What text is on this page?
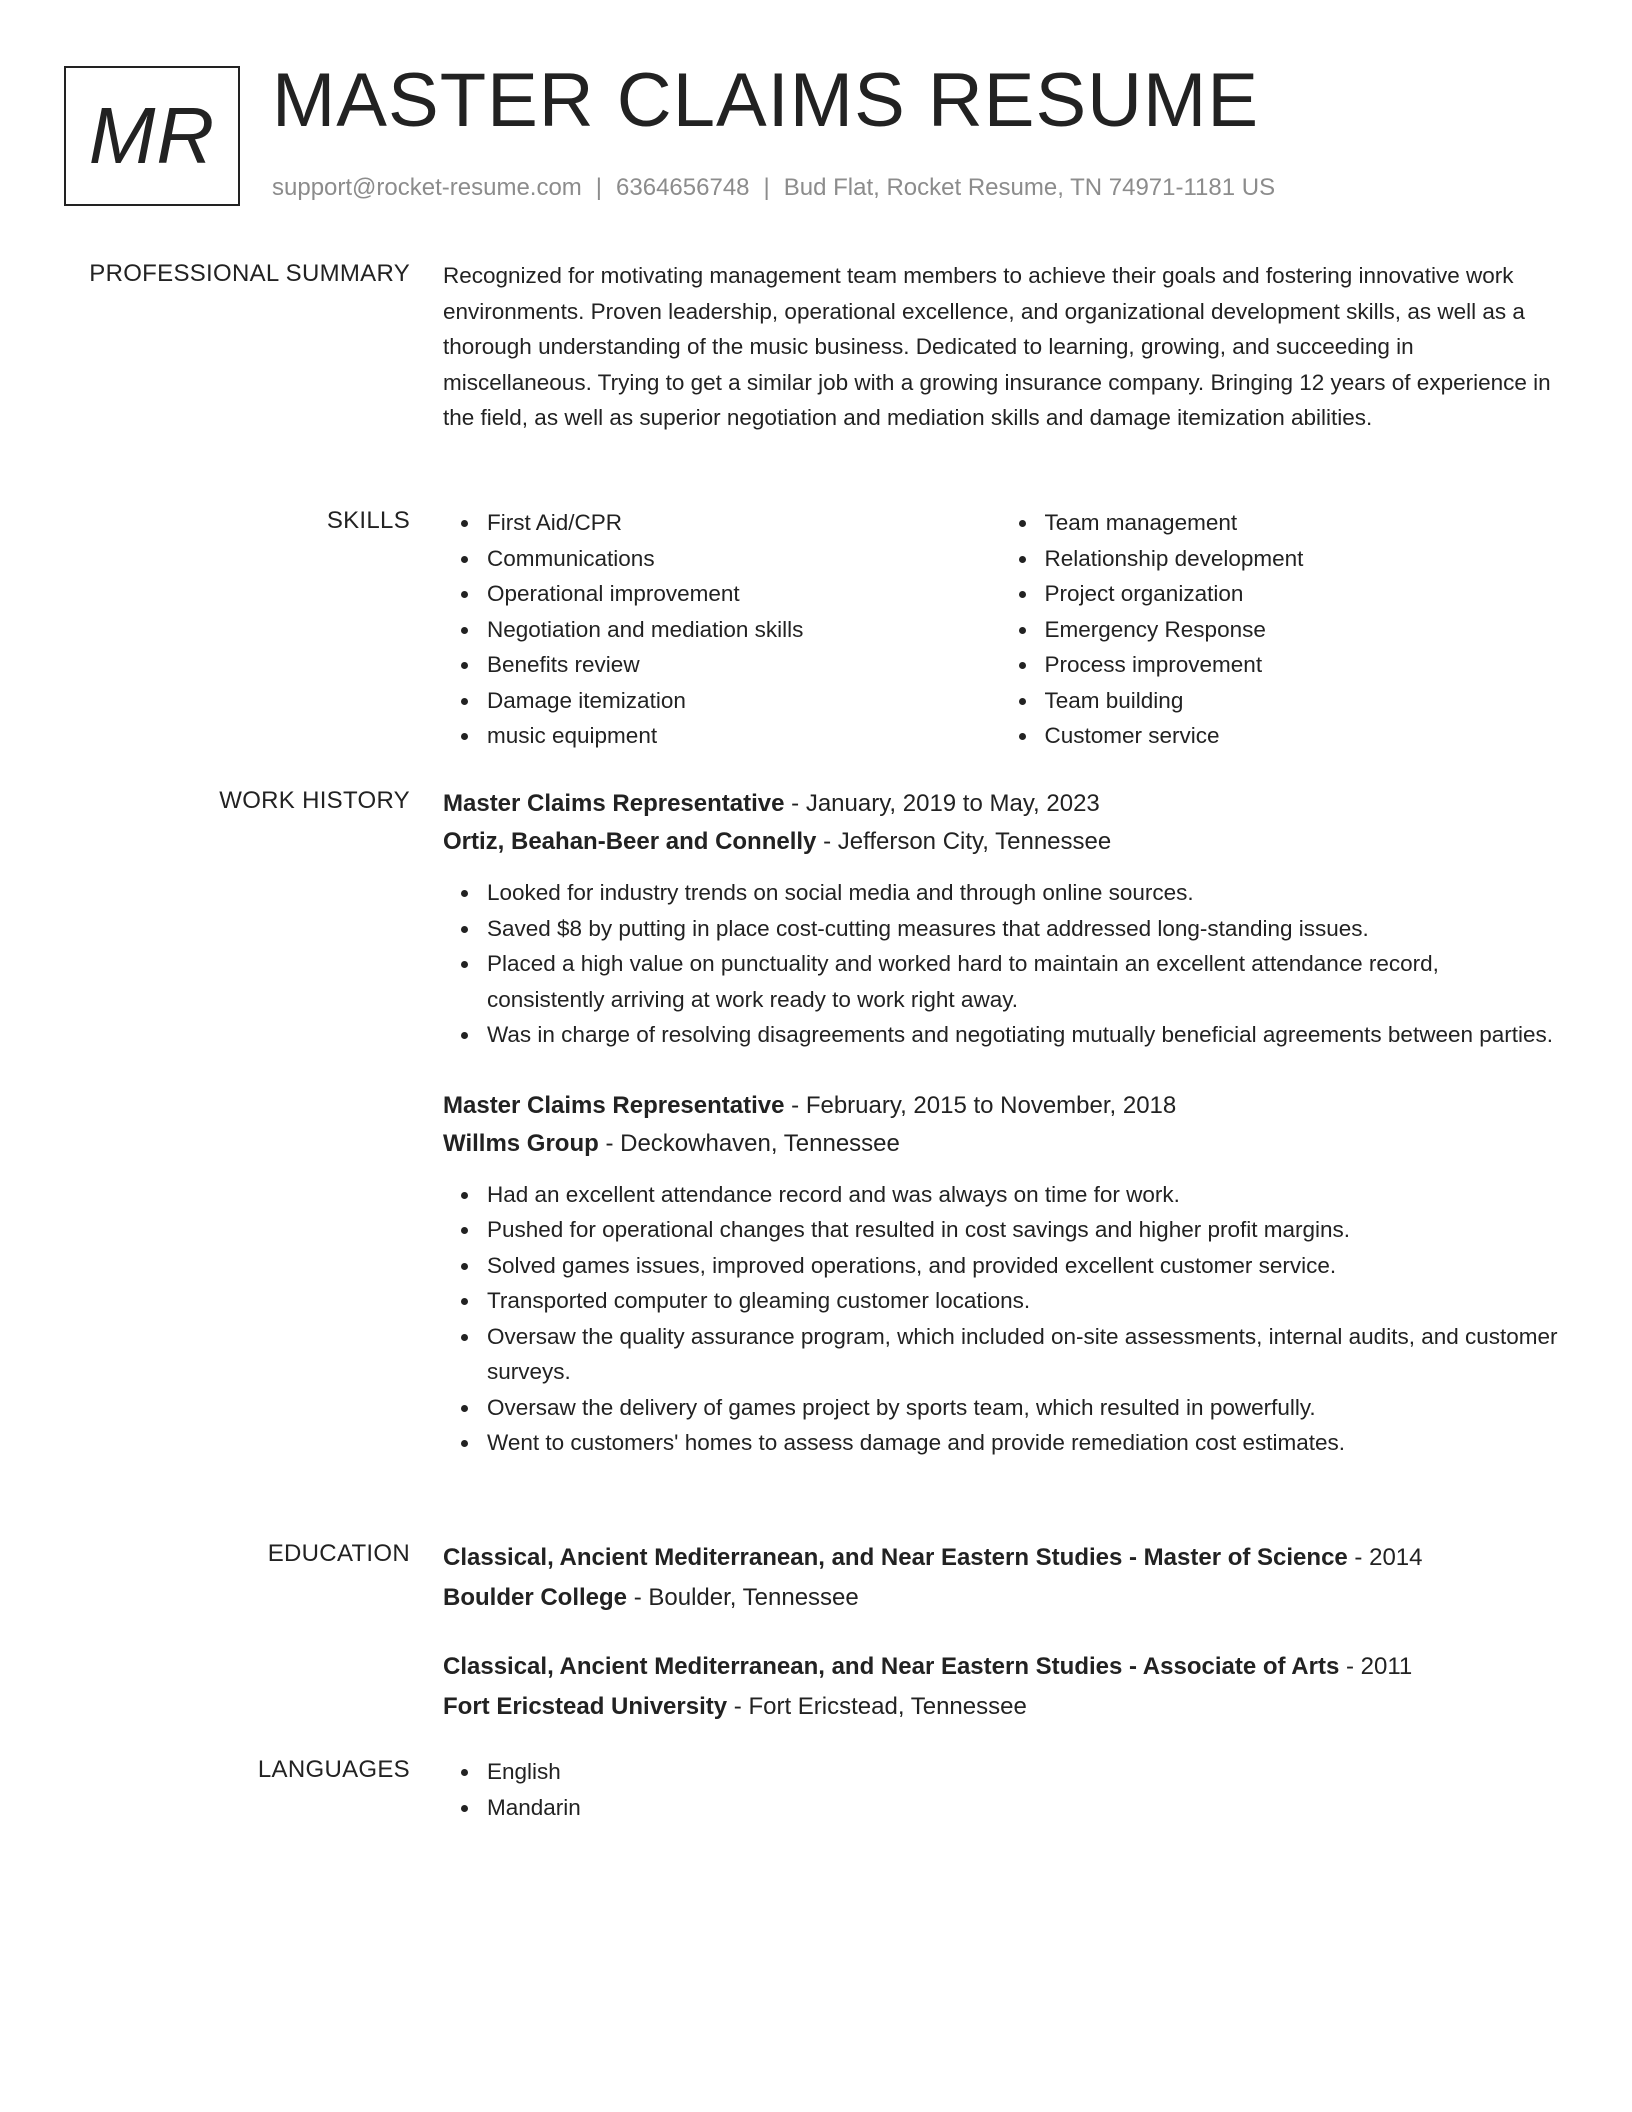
MR MASTER CLAIMS RESUME
support@rocket-resume.com | 6364656748 | Bud Flat, Rocket Resume, TN 74971-1181 US
PROFESSIONAL SUMMARY Recognized for motivating management team members to achieve their goals and fostering innovative work environments. Proven leadership, operational excellence, and organizational development skills, as well as a thorough understanding of the music business. Dedicated to learning, growing, and succeeding in miscellaneous. Trying to get a similar job with a growing insurance company. Bringing 12 years of experience in the field, as well as superior negotiation and mediation skills and damage itemization abilities.

SKILLS	First Aid/CPR
Communications
Operational improvement
Negotiation and mediation skills
Benefits review
Damage itemization
music equipment
Team management
Relationship development
Project organization
Emergency Response
Process improvement
Team building
Customer service
WORK HISTORY Master Claims Representative - January, 2019 to May, 2023
Ortiz, Beahan-Beer and Connelly - Jefferson City, Tennessee
Looked for industry trends on social media and through online sources.
Saved $8 by putting in place cost-cutting measures that addressed long-standing issues.
Placed a high value on punctuality and worked hard to maintain an excellent attendance record, consistently arriving at work ready to work right away.
Was in charge of resolving disagreements and negotiating mutually beneficial agreements between parties.
Master Claims Representative - February, 2015 to November, 2018
Willms Group - Deckowhaven, Tennessee
Had an excellent attendance record and was always on time for work.
Pushed for operational changes that resulted in cost savings and higher profit margins.
Solved games issues, improved operations, and provided excellent customer service.
Transported computer to gleaming customer locations.
Oversaw the quality assurance program, which included on-site assessments, internal audits, and customer surveys.
Oversaw the delivery of games project by sports team, which resulted in powerfully.
Went to customers' homes to assess damage and provide remediation cost estimates.
EDUCATION Classical, Ancient Mediterranean, and Near Eastern Studies - Master of Science - 2014
Boulder College - Boulder, Tennessee
Classical, Ancient Mediterranean, and Near Eastern Studies - Associate of Arts - 2011
Fort Ericstead University - Fort Ericstead, Tennessee
LANGUAGES	English
Mandarin
